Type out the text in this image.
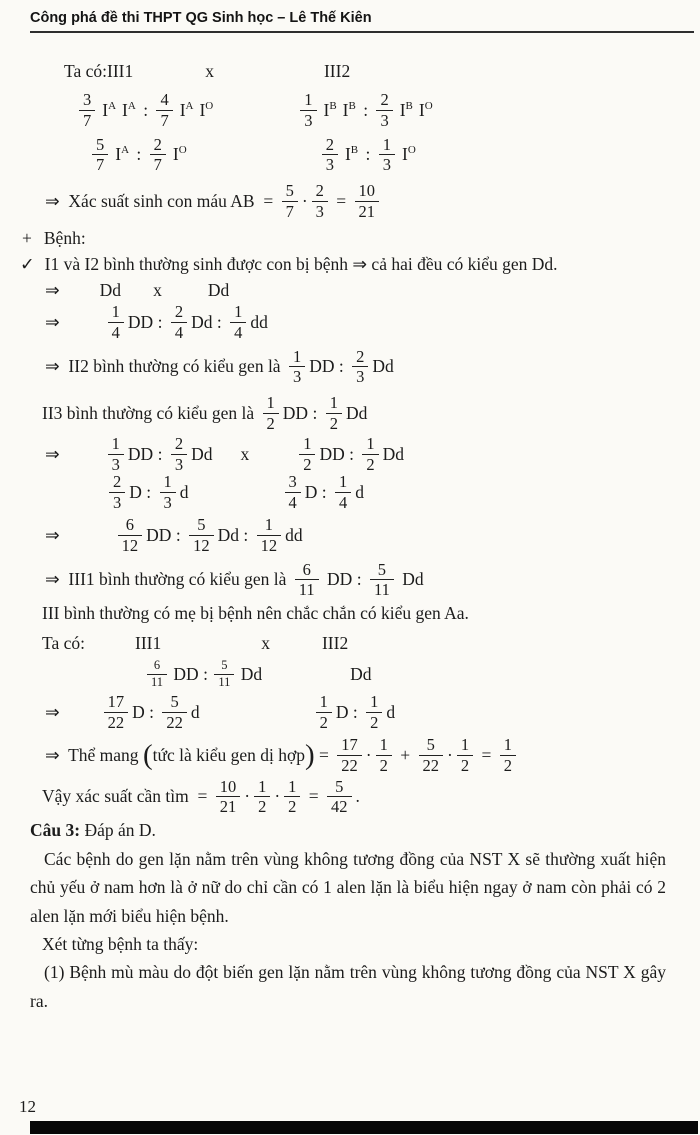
Công phá đề thi THPT QG Sinh học – Lê Thế Kiên
Ta có:III1	x	III2
$\frac{3}{7} I^A$ $I^A$ : $\frac{4}{7} I^A$ $I^O$	$\frac{1}{3} I^B$ $I^B$ : $\frac{2}{3} I^B$ $I^O$
$\frac{5}{7} I^A$ : $\frac{2}{7} I^O$	$\frac{2}{3} I^B$ : $\frac{1}{3} I^O$
⇒  Xác suất sinh con máu AB  = $\frac{5}{7} \cdot \frac{2}{3} = \frac{10}{21}$
+ Bệnh:
✓ I1 và I2 bình thường sinh được con bị bệnh ⇒ cả hai đều có kiểu gen Dd.
⇒ Dd x	Dd
⇒	$\frac{1}{4}$ DD : $\frac{2}{4}$ Dd : $\frac{1}{4}$ dd
⇒  II2 bình thường có kiểu gen là $\frac{1}{3}$ DD : $\frac{2}{3}$ Dd
II3 bình thường có kiểu gen là $\frac{1}{2}$ DD : $\frac{1}{2}$ Dd
⇒	$\frac{1}{3}$ DD : $\frac{2}{3}$ Dd x	$\frac{1}{2}$ DD : $\frac{1}{2}$ Dd
$\frac{2}{3}$ D : $\frac{1}{3}$ d	$\frac{3}{4}$ D : $\frac{1}{4}$ d
⇒	$\frac{6}{12}$ DD : $\frac{5}{12}$ Dd : $\frac{1}{12}$ dd
⇒  III1 bình thường có kiểu gen là $\frac{6}{11}$ DD : $\frac{5}{11}$ Dd
III bình thường có mẹ bị bệnh nên chắc chắn có kiểu gen Aa.
Ta có:	III1	x	III2
$\frac{6}{11}$ DD : $\frac{5}{11}$ Dd	Dd
⇒	$\frac{17}{22}$ D : $\frac{5}{22}$ d	$\frac{1}{2}$ D : $\frac{1}{2}$ d
⇒  Thể mang ( tức là kiểu gen dị hợp ) = $\frac{17}{22} \cdot \frac{1}{2} + \frac{5}{22} \cdot \frac{1}{2} = \frac{1}{2}$
Vậy xác suất cần tìm  = $\frac{10}{21} \cdot \frac{1}{2} \cdot \frac{1}{2} = \frac{5}{42}$ .
Câu 3: Đáp án D.
Các bệnh do gen lặn nằm trên vùng không tương đồng của NST X sẽ thường xuất hiện chủ yếu ở nam hơn là ở nữ do chỉ cần có 1 alen lặn là biểu hiện ngay ở nam còn phải có 2 alen lặn mới biểu hiện bệnh.
Xét từng bệnh ta thấy:
(1) Bệnh mù màu do đột biến gen lặn nằm trên vùng không tương đồng của NST X gây ra.
12
